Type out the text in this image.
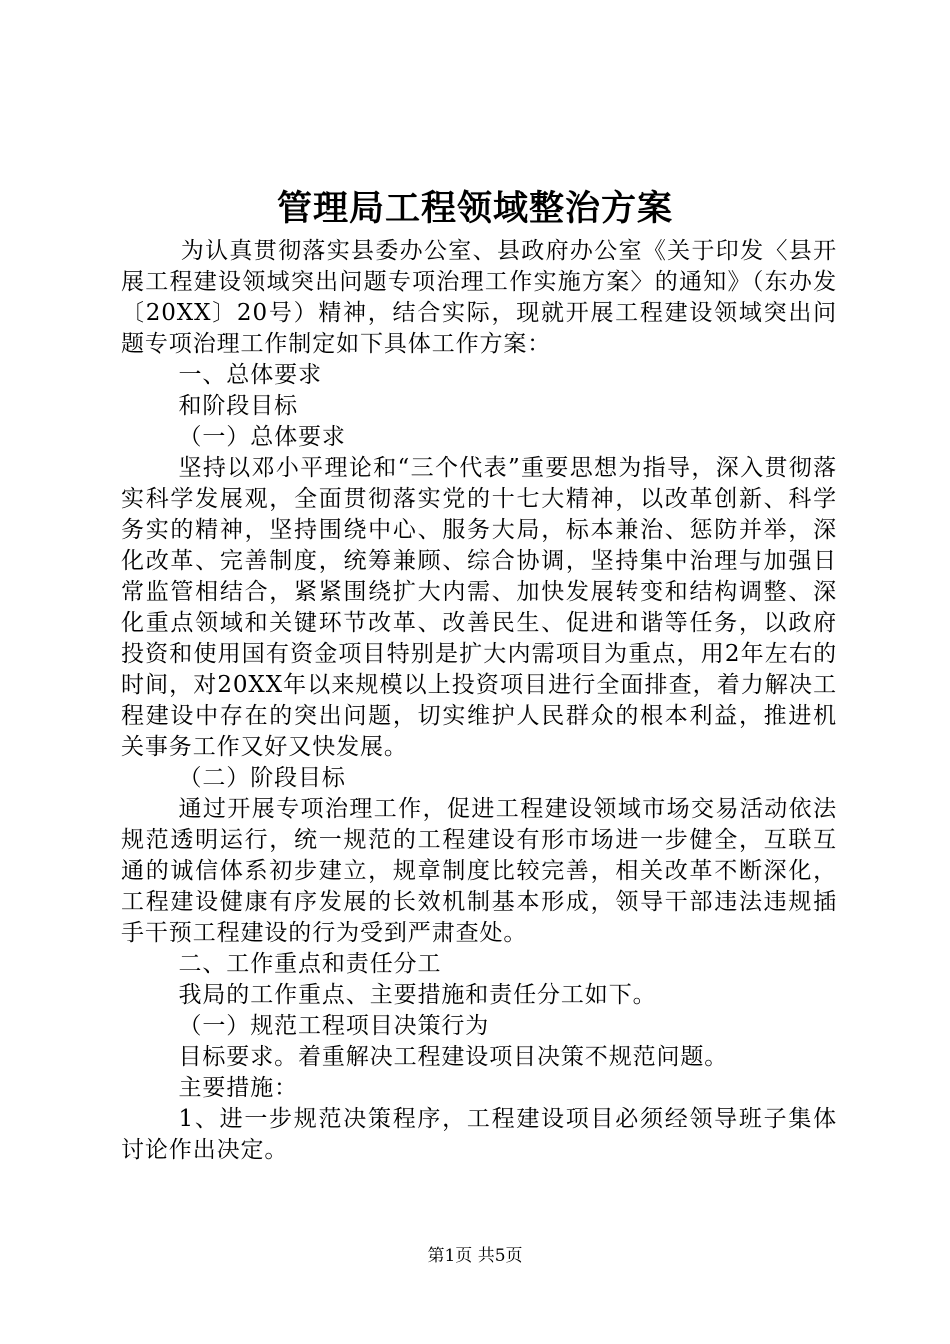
管理局工程领域整治方案

为认真贯彻落实县委办公室、县政府办公室《关于印发〈县开展工程建设领域突出问题专项治理工作实施方案〉的通知》（东办发〔20XX〕20号）精神，结合实际，现就开展工程建设领域突出问题专项治理工作制定如下具体工作方案：

一、总体要求

和阶段目标

（一）总体要求

坚持以邓小平理论和“三个代表”重要思想为指导，深入贯彻落实科学发展观，全面贯彻落实党的十七大精神，以改革创新、科学务实的精神，坚持围绕中心、服务大局，标本兼治、惩防并举，深化改革、完善制度，统筹兼顾、综合协调，坚持集中治理与加强日常监管相结合，紧紧围绕扩大内需、加快发展转变和结构调整、深化重点领域和关键环节改革、改善民生、促进和谐等任务，以政府投资和使用国有资金项目特别是扩大内需项目为重点，用2年左右的时间，对20XX年以来规模以上投资项目进行全面排查，着力解决工程建设中存在的突出问题，切实维护人民群众的根本利益，推进机关事务工作又好又快发展。

（二）阶段目标

通过开展专项治理工作，促进工程建设领域市场交易活动依法规范透明运行，统一规范的工程建设有形市场进一步健全，互联互通的诚信体系初步建立，规章制度比较完善，相关改革不断深化，工程建设健康有序发展的长效机制基本形成，领导干部违法违规插手干预工程建设的行为受到严肃查处。

二、工作重点和责任分工

我局的工作重点、主要措施和责任分工如下。

（一）规范工程项目决策行为

目标要求。着重解决工程建设项目决策不规范问题。

主要措施：

1、进一步规范决策程序，工程建设项目必须经领导班子集体讨论作出决定。

第1页 共5页
